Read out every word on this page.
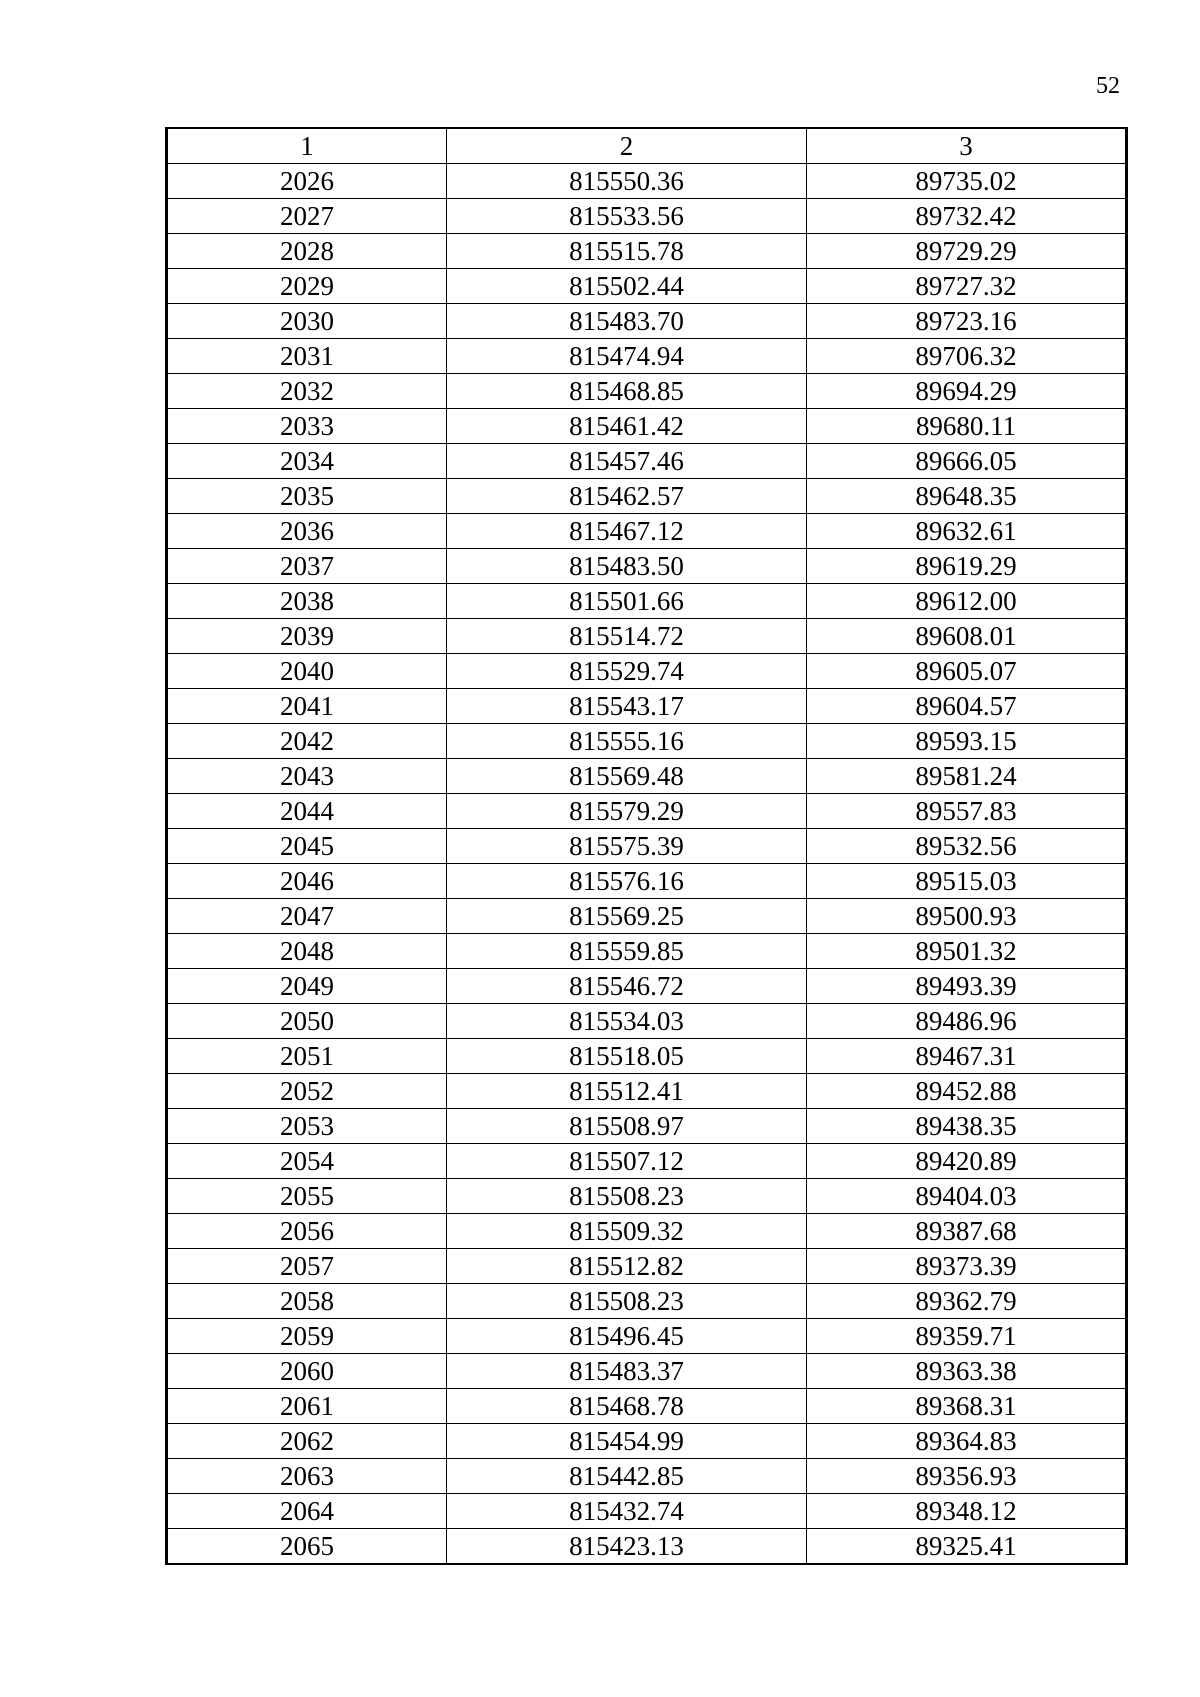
52
1	2	3
2026	815550.36	89735.02
2027	815533.56	89732.42
2028	815515.78	89729.29
2029	815502.44	89727.32
2030	815483.70	89723.16
2031	815474.94	89706.32
2032	815468.85	89694.29
2033	815461.42	89680.11
2034	815457.46	89666.05
2035	815462.57	89648.35
2036	815467.12	89632.61
2037	815483.50	89619.29
2038	815501.66	89612.00
2039	815514.72	89608.01
2040	815529.74	89605.07
2041	815543.17	89604.57
2042	815555.16	89593.15
2043	815569.48	89581.24
2044	815579.29	89557.83
2045	815575.39	89532.56
2046	815576.16	89515.03
2047	815569.25	89500.93
2048	815559.85	89501.32
2049	815546.72	89493.39
2050	815534.03	89486.96
2051	815518.05	89467.31
2052	815512.41	89452.88
2053	815508.97	89438.35
2054	815507.12	89420.89
2055	815508.23	89404.03
2056	815509.32	89387.68
2057	815512.82	89373.39
2058	815508.23	89362.79
2059	815496.45	89359.71
2060	815483.37	89363.38
2061	815468.78	89368.31
2062	815454.99	89364.83
2063	815442.85	89356.93
2064	815432.74	89348.12
2065	815423.13	89325.41
